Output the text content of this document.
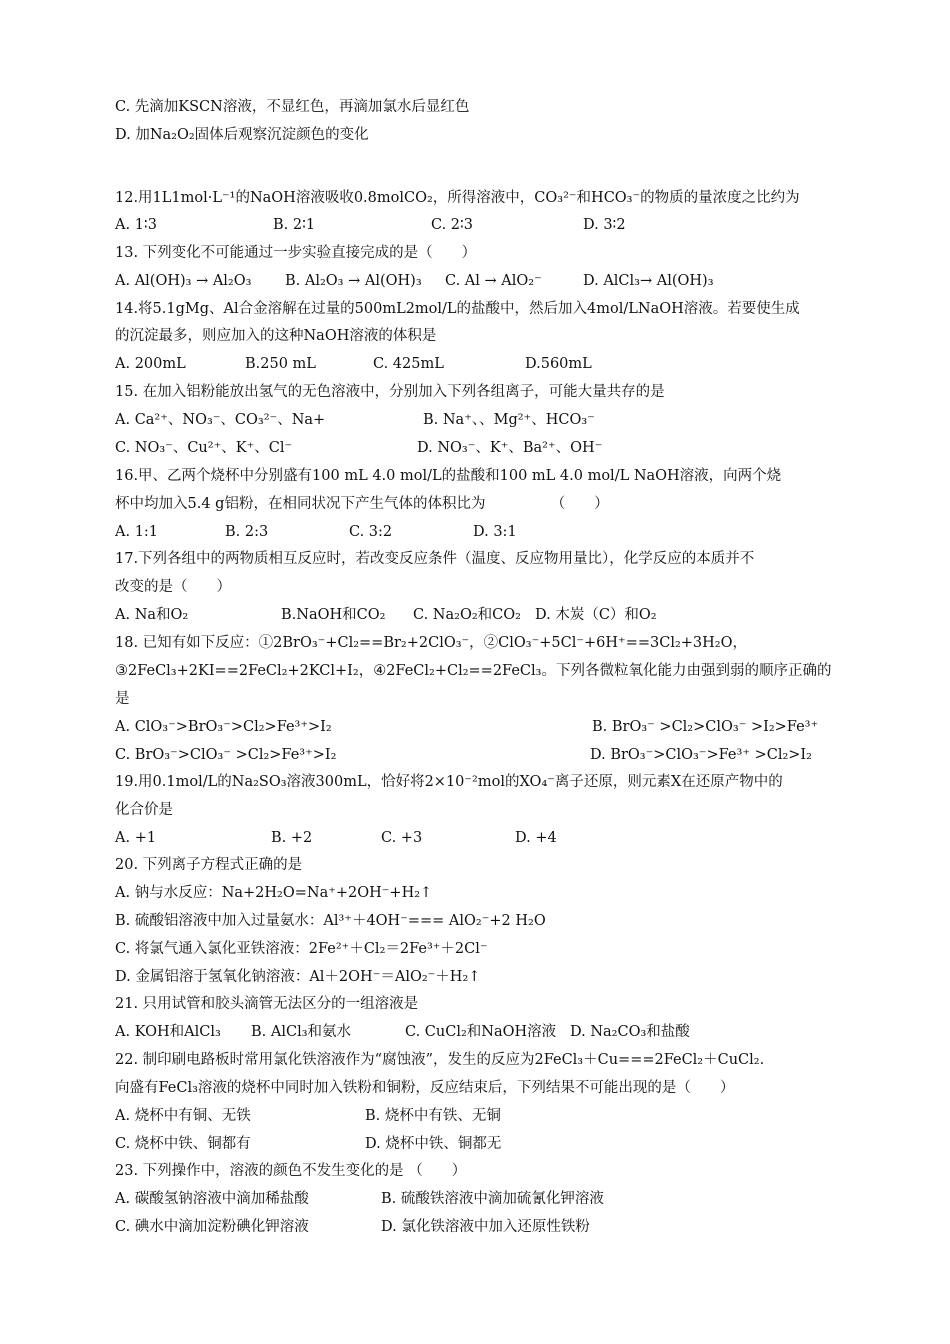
C. 先滴加KSCN溶液，不显红色，再滴加氯水后显红色
D. 加Na₂O₂固体后观察沉淀颜色的变化
12.用1L1mol·L⁻¹的NaOH溶液吸收0.8molCO₂，所得溶液中，CO₃²⁻和HCO₃⁻的物质的量浓度之比约为
A. 1∶3	B. 2∶1	C. 2∶3	D. 3∶2
13. 下列变化不可能通过一步实验直接完成的是（　　）
A. Al(OH)₃ → Al₂O₃ B. Al₂O₃ → Al(OH)₃ C. Al → AlO₂⁻	D. AlCl₃→ Al(OH)₃
14.将5.1gMg、Al合金溶解在过量的500mL2mol/L的盐酸中，然后加入4mol/LNaOH溶液。若要使生成
的沉淀最多，则应加入的这种NaOH溶液的体积是
A. 200mL	B.250 mL	C. 425mL	D.560mL
15. 在加入铝粉能放出氢气的无色溶液中，分别加入下列各组离子，可能大量共存的是
A. Ca²⁺、NO₃⁻、CO₃²⁻、Na+	B. Na⁺、、Mg²⁺、HCO₃⁻
C. NO₃⁻、Cu²⁺、K⁺、Cl⁻	D. NO₃⁻、K⁺、Ba²⁺、OH⁻
16.甲、乙两个烧杯中分别盛有100 mL 4.0 mol/L的盐酸和100 mL 4.0 mol/L NaOH溶液，向两个烧
杯中均加入5.4 g铝粉，在相同状况下产生气体的体积比为　　　　　（　　）
A. 1:1	B. 2:3	C. 3:2	D. 3:1
17.下列各组中的两物质相互反应时，若改变反应条件（温度、反应物用量比），化学反应的本质并不
改变的是（　　）
A. Na和O₂	B.NaOH和CO₂ C. Na₂O₂和CO₂ D. 木炭（C）和O₂
18. 已知有如下反应：①2BrO₃⁻+Cl₂==Br₂+2ClO₃⁻，②ClO₃⁻+5Cl⁻+6H⁺==3Cl₂+3H₂O，
③2FeCl₃+2KI==2FeCl₂+2KCl+I₂，④2FeCl₂+Cl₂==2FeCl₃。下列各微粒氧化能力由强到弱的顺序正确的
是
A. ClO₃⁻>BrO₃⁻>Cl₂>Fe³⁺>I₂	B. BrO₃⁻ >Cl₂>ClO₃⁻ >I₂>Fe³⁺
C. BrO₃⁻>ClO₃⁻ >Cl₂>Fe³⁺>I₂	D. BrO₃⁻>ClO₃⁻>Fe³⁺ >Cl₂>I₂
19.用0.1mol/L的Na₂SO₃溶液300mL，恰好将2×10⁻²mol的XO₄⁻离子还原，则元素X在还原产物中的
化合价是
A. +1	B. +2	C. +3	D. +4
20. 下列离子方程式正确的是
A. 钠与水反应：Na+2H₂O=Na⁺+2OH⁻+H₂↑
B. 硫酸铝溶液中加入过量氨水：Al³⁺＋4OH⁻=== AlO₂⁻+2 H₂O
C. 将氯气通入氯化亚铁溶液：2Fe²⁺＋Cl₂＝2Fe³⁺＋2Cl⁻
D. 金属铝溶于氢氧化钠溶液：Al＋2OH⁻＝AlO₂⁻＋H₂↑
21. 只用试管和胶头滴管无法区分的一组溶液是
A. KOH和AlCl₃ B. AlCl₃和氨水	C. CuCl₂和NaOH溶液 D. Na₂CO₃和盐酸
22. 制印刷电路板时常用氯化铁溶液作为“腐蚀液”，发生的反应为2FeCl₃＋Cu===2FeCl₂＋CuCl₂.
向盛有FeCl₃溶液的烧杯中同时加入铁粉和铜粉，反应结束后，下列结果不可能出现的是（　　）
A. 烧杯中有铜、无铁	B. 烧杯中有铁、无铜
C. 烧杯中铁、铜都有	D. 烧杯中铁、铜都无
23. 下列操作中，溶液的颜色不发生变化的是 （　　）
A. 碳酸氢钠溶液中滴加稀盐酸	B. 硫酸铁溶液中滴加硫氰化钾溶液
C. 碘水中滴加淀粉碘化钾溶液	D. 氯化铁溶液中加入还原性铁粉
